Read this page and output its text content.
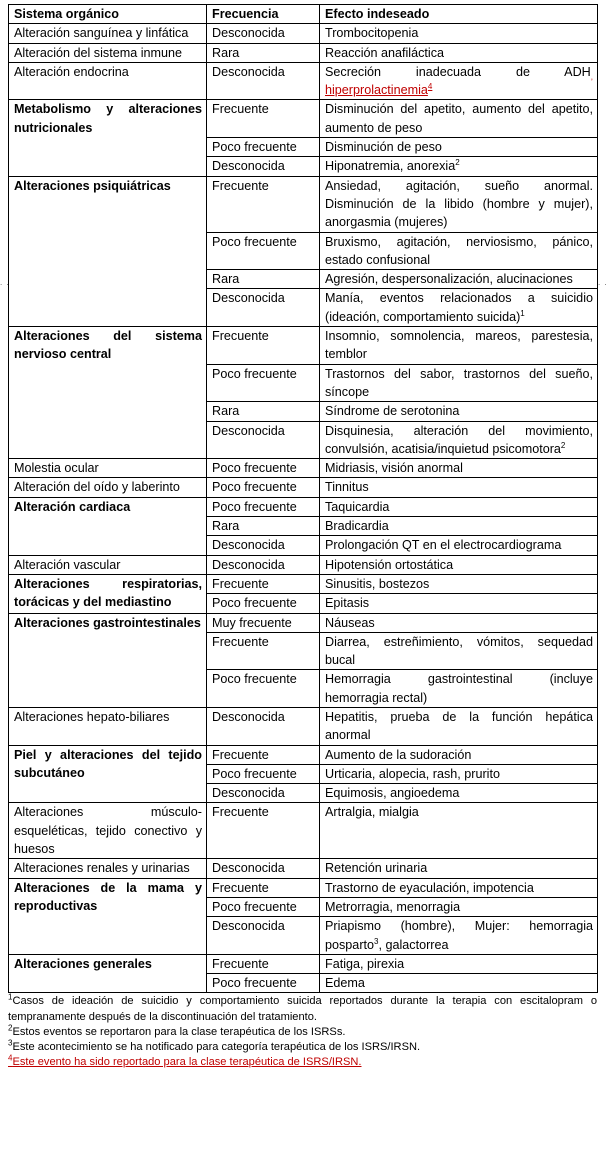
Sistema orgánico	Frecuencia	Efecto indeseado
Alteración sanguínea y linfática	Desconocida	Trombocitopenia
Alteración del sistema inmune	Rara	Reacción anafiláctica
Alteración endocrina	Desconocida	Secreción inadecuada de $ADH_,$ hiperprolactinemia$^4$
Metabolismo y alteraciones nutricionales	Frecuente	Disminución del apetito, aumento del apetito, aumento de peso
	Poco frecuente	Disminución de peso
	Desconocida	Hiponatremia, anorexia$^2$
Alteraciones psiquiátricas	Frecuente	Ansiedad, agitación, sueño anormal. Disminución de la libido (hombre y mujer), anorgasmia (mujeres)
	Poco frecuente	Bruxismo, agitación, nerviosismo, pánico, estado confusional
	Rara	Agresión, despersonalización, alucinaciones
	Desconocida	Manía, eventos relacionados a suicidio (ideación, comportamiento suicida)$^1$
Alteraciones del sistema nervioso central	Frecuente	Insomnio, somnolencia, mareos, parestesia, temblor
	Poco frecuente	Trastornos del sabor, trastornos del sueño, síncope
	Rara	Síndrome de serotonina
	Desconocida	Disquinesia, alteración del movimiento, convulsión, acatisia/inquietud psicomotora$^2$
Molestia ocular	Poco frecuente	Midriasis, visión anormal
Alteración del oído y laberinto	Poco frecuente	Tinnitus
Alteración cardiaca	Poco frecuente	Taquicardia
	Rara	Bradicardia
	Desconocida	Prolongación QT en el electrocardiograma
Alteración vascular	Desconocida	Hipotensión ortostática
Alteraciones respiratorias, torácicas y del mediastino	Frecuente	Sinusitis, bostezos
	Poco frecuente	Epitasis
Alteraciones gastrointestinales	Muy frecuente	Náuseas
	Frecuente	Diarrea, estreñimiento, vómitos, sequedad bucal
	Poco frecuente	Hemorragia gastrointestinal (incluye hemorragia rectal)
Alteraciones hepato-biliares	Desconocida	Hepatitis, prueba de la función hepática anormal
Piel y alteraciones del tejido subcutáneo	Frecuente	Aumento de la sudoración
	Poco frecuente	Urticaria, alopecia, rash, prurito
	Desconocida	Equimosis, angioedema
Alteraciones músculo-esqueléticas, tejido conectivo y huesos	Frecuente	Artralgia, mialgia
Alteraciones renales y urinarias	Desconocida	Retención urinaria
Alteraciones de la mama y reproductivas	Frecuente	Trastorno de eyaculación, impotencia
	Poco frecuente	Metrorragia, menorragia
	Desconocida	Priapismo (hombre), Mujer: hemorragia posparto$^3$, galactorrea
Alteraciones generales	Frecuente	Fatiga, pirexia
	Poco frecuente	Edema
$^1$Casos de ideación de suicidio y comportamiento suicida reportados durante la terapia con escitalopram o tempranamente después de la discontinuación del tratamiento.
$^2$Estos eventos se reportaron para la clase terapéutica de los ISRSs.
$^3$Este acontecimiento se ha notificado para categoría terapéutica de los ISRS/IRSN.
$^4$Este evento ha sido reportado para la clase terapéutica de ISRS/IRSN.
. .	. .
